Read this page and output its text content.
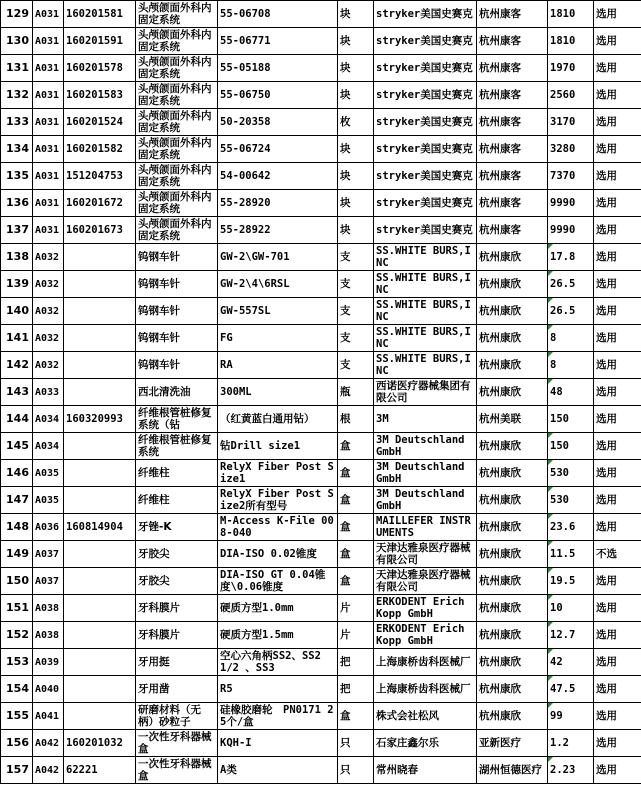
129	A031	160201581	头颅颌面外科内固定系统	55-06708	块	stryker美国史赛克	杭州康客	1810	选用
130	A031	160201591	头颅颌面外科内固定系统	55-06771	块	stryker美国史赛克	杭州康客	1810	选用
131	A031	160201578	头颅颌面外科内固定系统	55-05188	块	stryker美国史赛克	杭州康客	1970	选用
132	A031	160201583	头颅颌面外科内固定系统	55-06750	块	stryker美国史赛克	杭州康客	2560	选用
133	A031	160201524	头颅颌面外科内固定系统	50-20358	枚	stryker美国史赛克	杭州康客	3170	选用
134	A031	160201582	头颅颌面外科内固定系统	55-06724	块	stryker美国史赛克	杭州康客	3280	选用
135	A031	151204753	头颅颌面外科内固定系统	54-00642	块	stryker美国史赛克	杭州康客	7370	选用
136	A031	160201672	头颅颌面外科内固定系统	55-28920	块	stryker美国史赛克	杭州康客	9990	选用
137	A031	160201673	头颅颌面外科内固定系统	55-28922	块	stryker美国史赛克	杭州康客	9990	选用
138	A032		钨钢车针	GW-2\GW-701	支	SS.WHITE BURS,INC	杭州康欣	17.8	选用
139	A032		钨钢车针	GW-2\4\6RSL	支	SS.WHITE BURS,INC	杭州康欣	26.5	选用
140	A032		钨钢车针	GW-557SL	支	SS.WHITE BURS,INC	杭州康欣	26.5	选用
141	A032		钨钢车针	FG	支	SS.WHITE BURS,INC	杭州康欣	8	选用
142	A032		钨钢车针	RA	支	SS.WHITE BURS,INC	杭州康欣	8	选用
143	A033		西北清洗油	300ML	瓶	西诺医疗器械集团有限公司	杭州康欣	48	选用
144	A034	160320993	纤维根管桩修复系统（钻	（红黄蓝白通用钻）	根	3M	杭州美联	150	选用
145	A034		纤维根管桩修复系统	钻Drill size1	盒	3M Deutschland GmbH	杭州康欣	150	选用
146	A035		纤维柱	RelyX Fiber Post Size1	盒	3M Deutschland GmbH	杭州康欣	530	选用
147	A035		纤维柱	RelyX Fiber Post Size2所有型号	盒	3M Deutschland GmbH	杭州康欣	530	选用
148	A036	160814904	牙锉-K	M-Access K-File 008-040	盒	MAILLEFER INSTRUMENTS	杭州康欣	23.6	选用
149	A037		牙胶尖	DIA-ISO 0.02锥度	盒	天津达雅泉医疗器械有限公司	杭州康欣	11.5	不选
150	A037		牙胶尖	DIA-ISO GT 0.04锥度\0.06锥度	盒	天津达雅泉医疗器械有限公司	杭州康欣	19.5	选用
151	A038		牙科膜片	硬质方型1.0mm	片	ERKODENT Erich Kopp GmbH	杭州康欣	10	选用
152	A038		牙科膜片	硬质方型1.5mm	片	ERKODENT Erich Kopp GmbH	杭州康欣	12.7	选用
153	A039		牙用挺	空心六角柄SS2、SS2 1/2 、SS3	把	上海康桥齿科医械厂	杭州康欣	42	选用
154	A040		牙用凿	R5	把	上海康桥齿科医械厂	杭州康欣	47.5	选用
155	A041		研磨材料（无柄）砂粒子	硅橡胶磨轮　PN0171 25个/盒	盒	株式会社松风	杭州康欣	99	选用
156	A042	160201032	一次性牙科器械盒	KQH-I	只	石家庄鑫尔乐	亚新医疗	1.2	选用
157	A042	62221	一次性牙科器械盒	A类	只	常州晓春	湖州恒德医疗	2.23	选用
